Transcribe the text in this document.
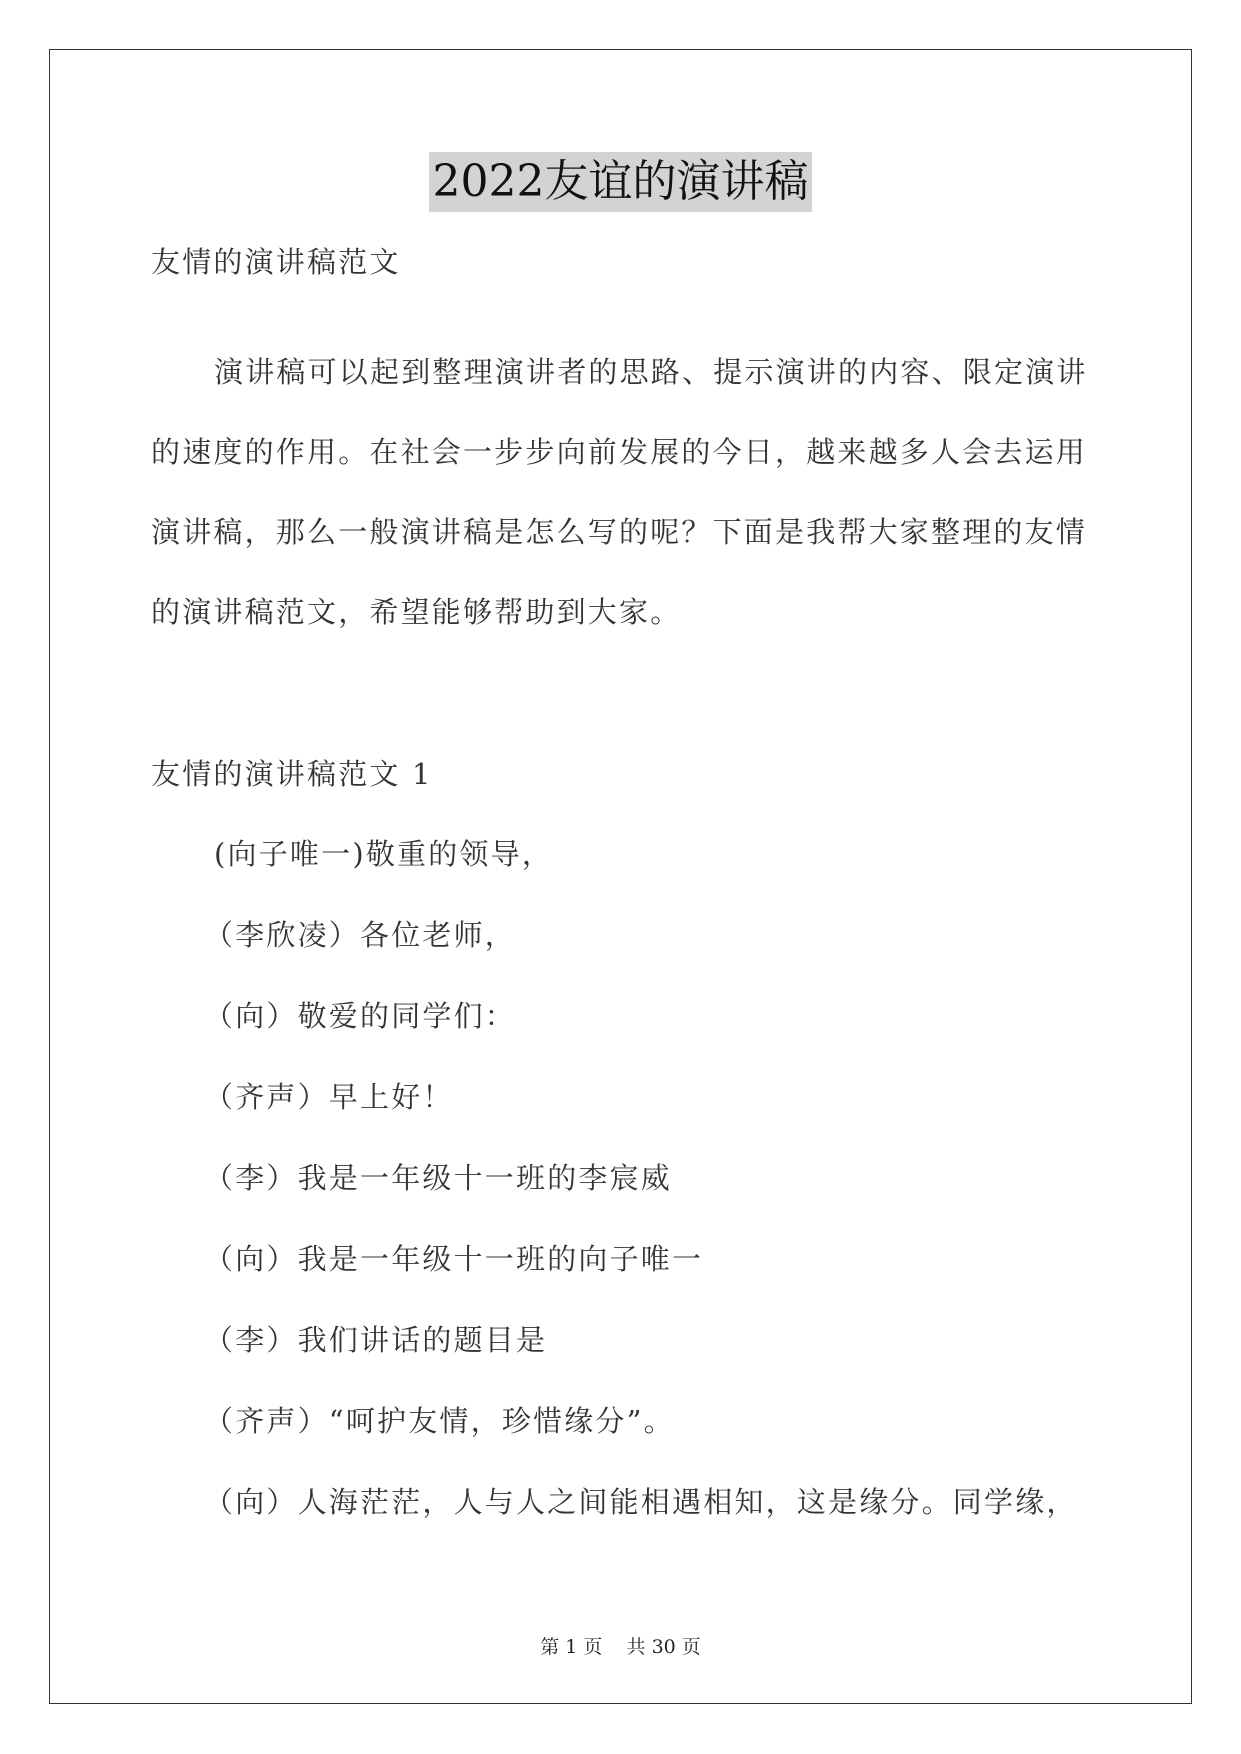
2022友谊的演讲稿
友情的演讲稿范文
演讲稿可以起到整理演讲者的思路、提示演讲的内容、限定演讲
的速度的作用。在社会一步步向前发展的今日，越来越多人会去运用
演讲稿，那么一般演讲稿是怎么写的呢？下面是我帮大家整理的友情
的演讲稿范文，希望能够帮助到大家。
友情的演讲稿范文 1
(向子唯一)敬重的领导，
（李欣凌）各位老师，
（向）敬爱的同学们：
（齐声）早上好！
（李）我是一年级十一班的李宸威
（向）我是一年级十一班的向子唯一
（李）我们讲话的题目是
（齐声）“呵护友情，珍惜缘分”。
（向）人海茫茫，人与人之间能相遇相知，这是缘分。同学缘，
第 1 页    共 30 页
